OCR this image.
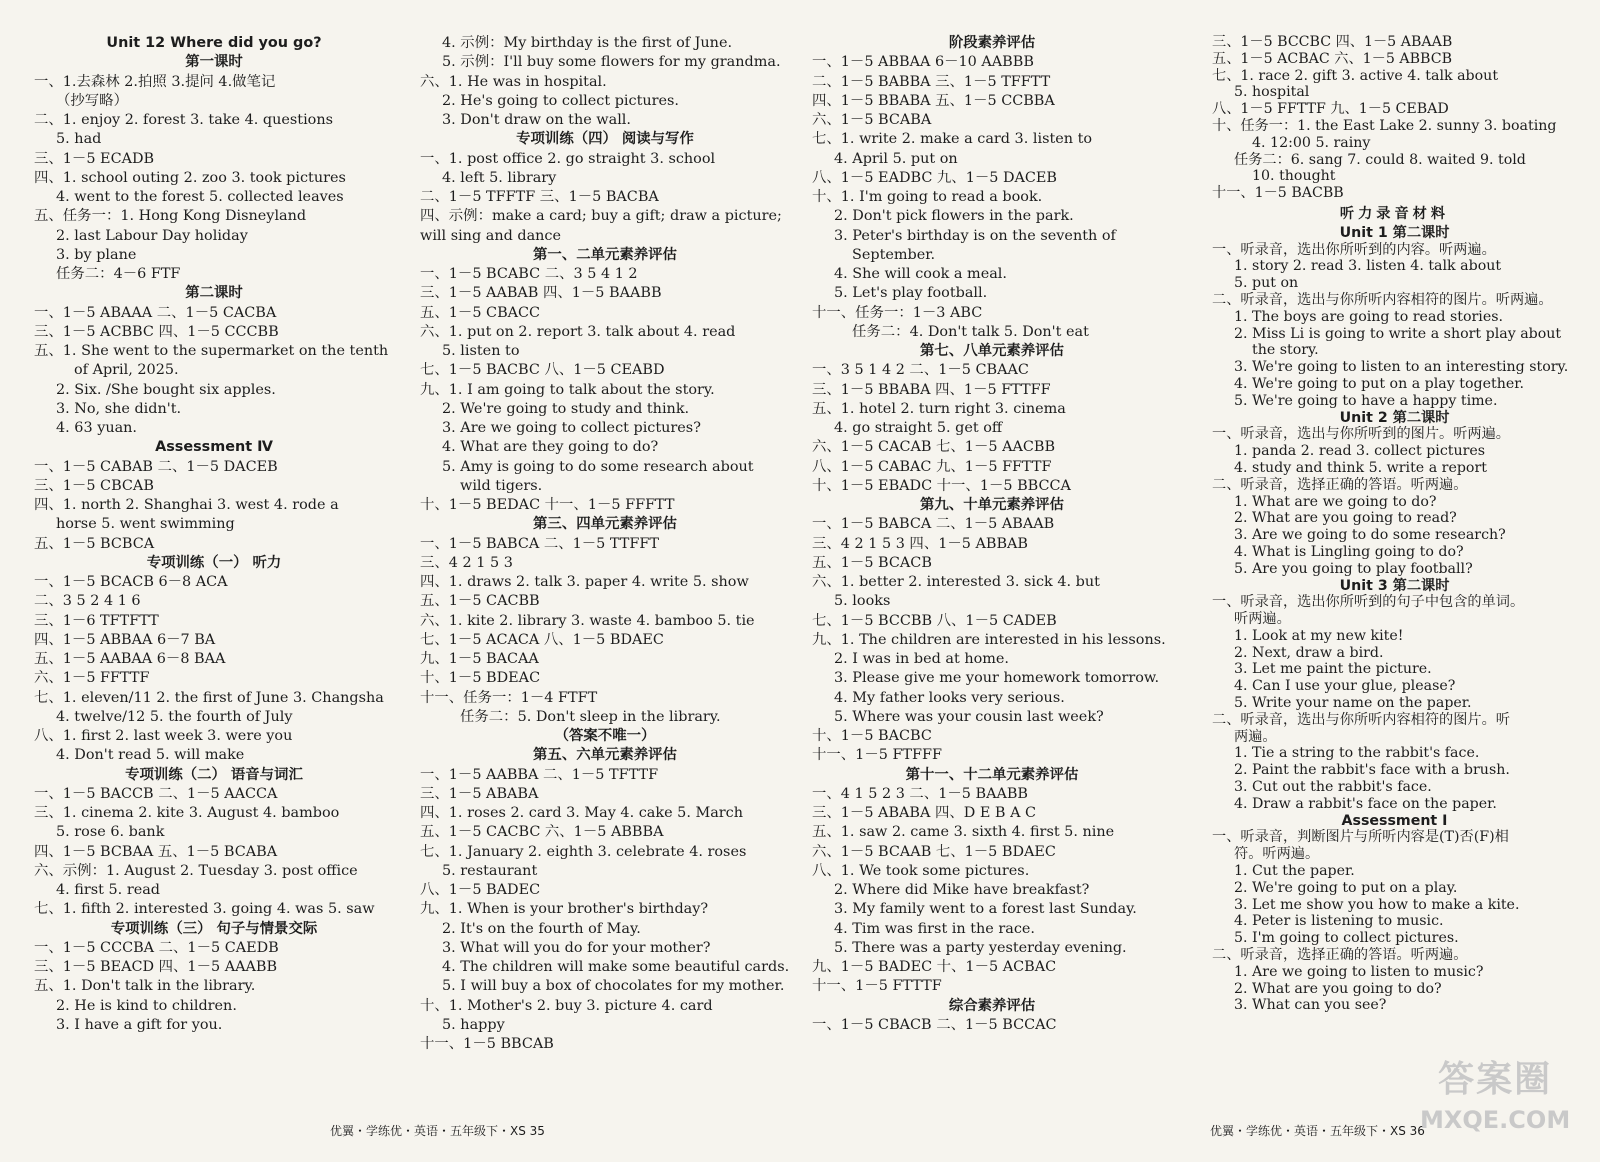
Unit 12 Where did you go?
第一课时
一、1.去森林 2.拍照 3.提问 4.做笔记
（抄写略）
二、1. enjoy 2. forest 3. take 4. questions
5. had
三、1－5 ECADB
四、1. school outing 2. zoo 3. took pictures
4. went to the forest 5. collected leaves
五、任务一：1. Hong Kong Disneyland
2. last Labour Day holiday
3. by plane
任务二：4－6 FTF
第二课时
一、1－5 ABAAA 二、1－5 CACBA
三、1－5 ACBBC 四、1－5 CCCBB
五、1. She went to the supermarket on the tenth
of April, 2025.
2. Six. /She bought six apples.
3. No, she didn't.
4. 63 yuan.
Assessment Ⅳ
一、1－5 CABAB 二、1－5 DACEB
三、1－5 CBCAB
四、1. north 2. Shanghai 3. west 4. rode a
horse 5. went swimming
五、1－5 BCBCA
专项训练（一） 听力
一、1－5 BCACB 6－8 ACA
二、3 5 2 4 1 6
三、1－6 TFTFTT
四、1－5 ABBAA 6－7 BA
五、1－5 AABAA 6－8 BAA
六、1－5 FFTTF
七、1. eleven/11 2. the first of June 3. Changsha
4. twelve/12 5. the fourth of July
八、1. first 2. last week 3. were you
4. Don't read 5. will make
专项训练（二） 语音与词汇
一、1－5 BACCB 二、1－5 AACCA
三、1. cinema 2. kite 3. August 4. bamboo
5. rose 6. bank
四、1－5 BCBAA 五、1－5 BCABA
六、示例：1. August 2. Tuesday 3. post office
4. first 5. read
七、1. fifth 2. interested 3. going 4. was 5. saw
专项训练（三） 句子与情景交际
一、1－5 CCCBA 二、1－5 CAEDB
三、1－5 BEACD 四、1－5 AAABB
五、1. Don't talk in the library.
2. He is kind to children.
3. I have a gift for you.
4. 示例：My birthday is the first of June.
5. 示例：I'll buy some flowers for my grandma.
六、1. He was in hospital.
2. He's going to collect pictures.
3. Don't draw on the wall.
专项训练（四） 阅读与写作
一、1. post office 2. go straight 3. school
4. left 5. library
二、1－5 TFFTF 三、1－5 BACBA
四、示例：make a card; buy a gift; draw a picture;
will sing and dance
第一、二单元素养评估
一、1－5 BCABC 二、3 5 4 1 2
三、1－5 AABAB 四、1－5 BAABB
五、1－5 CBACC
六、1. put on 2. report 3. talk about 4. read
5. listen to
七、1－5 BACBC 八、1－5 CEABD
九、1. I am going to talk about the story.
2. We're going to study and think.
3. Are we going to collect pictures?
4. What are they going to do?
5. Amy is going to do some research about
wild tigers.
十、1－5 BEDAC 十一、1－5 FFFTT
第三、四单元素养评估
一、1－5 BABCA 二、1－5 TTFFT
三、4 2 1 5 3
四、1. draws 2. talk 3. paper 4. write 5. show
五、1－5 CACBB
六、1. kite 2. library 3. waste 4. bamboo 5. tie
七、1－5 ACACA 八、1－5 BDAEC
九、1－5 BACAA
十、1－5 BDEAC
十一、任务一：1－4 FTFT
任务二：5. Don't sleep in the library.
（答案不唯一）
第五、六单元素养评估
一、1－5 AABBA 二、1－5 TFTTF
三、1－5 ABABA
四、1. roses 2. card 3. May 4. cake 5. March
五、1－5 CACBC 六、1－5 ABBBA
七、1. January 2. eighth 3. celebrate 4. roses
5. restaurant
八、1－5 BADEC
九、1. When is your brother's birthday?
2. It's on the fourth of May.
3. What will you do for your mother?
4. The children will make some beautiful cards.
5. I will buy a box of chocolates for my mother.
十、1. Mother's 2. buy 3. picture 4. card
5. happy
十一、1－5 BBCAB
阶段素养评估
一、1－5 ABBAA 6－10 AABBB
二、1－5 BABBA 三、1－5 TFFTT
四、1－5 BBABA 五、1－5 CCBBA
六、1－5 BCABA
七、1. write 2. make a card 3. listen to
4. April 5. put on
八、1－5 EADBC 九、1－5 DACEB
十、1. I'm going to read a book.
2. Don't pick flowers in the park.
3. Peter's birthday is on the seventh of
September.
4. She will cook a meal.
5. Let's play football.
十一、任务一：1－3 ABC
任务二：4. Don't talk 5. Don't eat
第七、八单元素养评估
一、3 5 1 4 2 二、1－5 CBAAC
三、1－5 BBABA 四、1－5 FTTFF
五、1. hotel 2. turn right 3. cinema
4. go straight 5. get off
六、1－5 CACAB 七、1－5 AACBB
八、1－5 CABAC 九、1－5 FFTTF
十、1－5 EBADC 十一、1－5 BBCCA
第九、十单元素养评估
一、1－5 BABCA 二、1－5 ABAAB
三、4 2 1 5 3 四、1－5 ABBAB
五、1－5 BCACB
六、1. better 2. interested 3. sick 4. but
5. looks
七、1－5 BCCBB 八、1－5 CADEB
九、1. The children are interested in his lessons.
2. I was in bed at home.
3. Please give me your homework tomorrow.
4. My father looks very serious.
5. Where was your cousin last week?
十、1－5 BACBC
十一、1－5 FTFFF
第十一、十二单元素养评估
一、4 1 5 2 3 二、1－5 BAABB
三、1－5 ABABA 四、D E B A C
五、1. saw 2. came 3. sixth 4. first 5. nine
六、1－5 BCAAB 七、1－5 BDAEC
八、1. We took some pictures.
2. Where did Mike have breakfast?
3. My family went to a forest last Sunday.
4. Tim was first in the race.
5. There was a party yesterday evening.
九、1－5 BADEC 十、1－5 ACBAC
十一、1－5 FTTTF
综合素养评估
一、1－5 CBACB 二、1－5 BCCAC
三、1－5 BCCBC 四、1－5 ABAAB
五、1－5 ACBAC 六、1－5 ABBCB
七、1. race 2. gift 3. active 4. talk about
5. hospital
八、1－5 FFTTF 九、1－5 CEBAD
十、任务一：1. the East Lake 2. sunny 3. boating
4. 12:00 5. rainy
任务二：6. sang 7. could 8. waited 9. told
10. thought
十一、1－5 BACBB
听力录音材料
Unit 1 第二课时
一、听录音，选出你所听到的内容。听两遍。
1. story 2. read 3. listen 4. talk about
5. put on
二、听录音，选出与你所听内容相符的图片。听两遍。
1. The boys are going to read stories.
2. Miss Li is going to write a short play about
the story.
3. We're going to listen to an interesting story.
4. We're going to put on a play together.
5. We're going to have a happy time.
Unit 2 第二课时
一、听录音，选出与你所听到的图片。听两遍。
1. panda 2. read 3. collect pictures
4. study and think 5. write a report
二、听录音，选择正确的答语。听两遍。
1. What are we going to do?
2. What are you going to read?
3. Are we going to do some research?
4. What is Lingling going to do?
5. Are you going to play football?
Unit 3 第二课时
一、听录音，选出你所听到的句子中包含的单词。
听两遍。
1. Look at my new kite!
2. Next, draw a bird.
3. Let me paint the picture.
4. Can I use your glue, please?
5. Write your name on the paper.
二、听录音，选出与你所听内容相符的图片。听
两遍。
1. Tie a string to the rabbit's face.
2. Paint the rabbit's face with a brush.
3. Cut out the rabbit's face.
4. Draw a rabbit's face on the paper.
Assessment Ⅰ
一、听录音，判断图片与所听内容是(T)否(F)相
符。听两遍。
1. Cut the paper.
2. We're going to put on a play.
3. Let me show you how to make a kite.
4. Peter is listening to music.
5. I'm going to collect pictures.
二、听录音，选择正确的答语。听两遍。
1. Are we going to listen to music?
2. What are you going to do?
3. What can you see?
优翼・学练优・英语・五年级下・XS 35	优翼・学练优・英语・五年级下・XS 36
答案圈
MXQE.COM
